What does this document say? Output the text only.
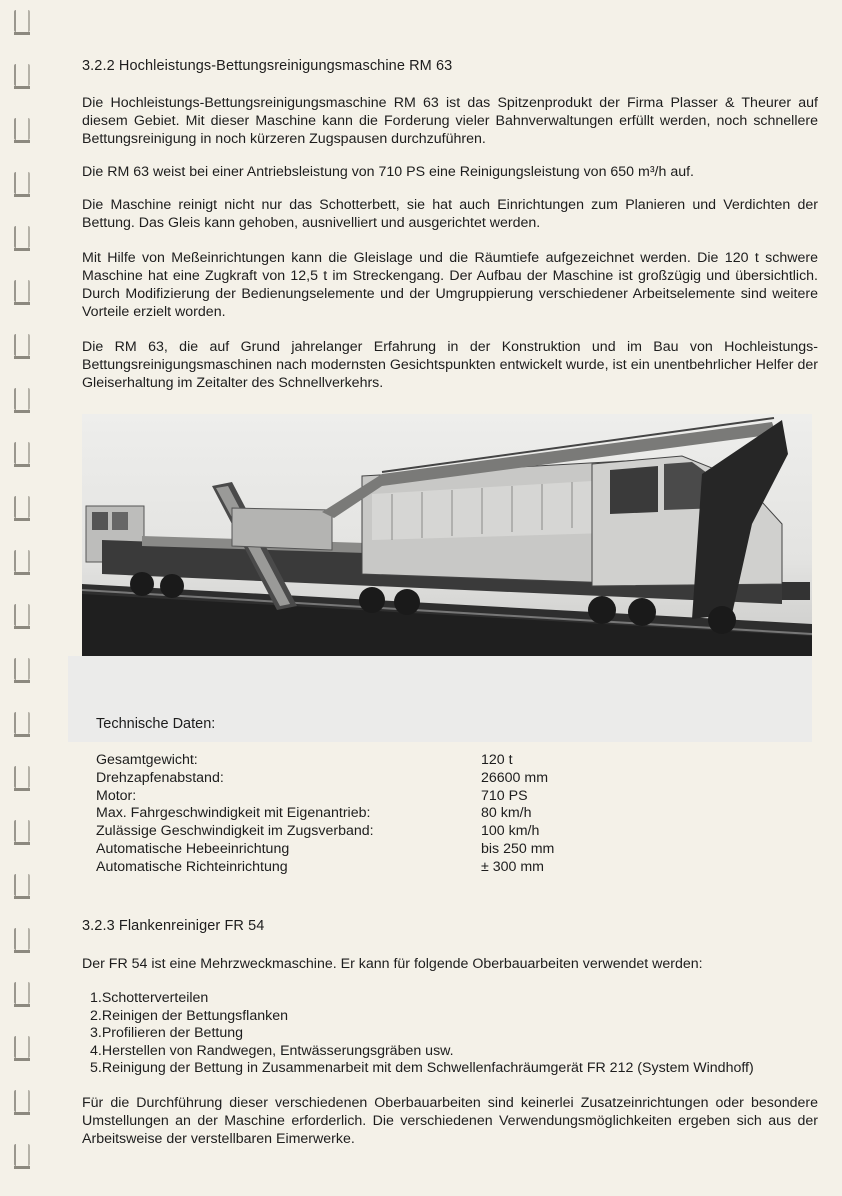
3.2.2 Hochleistungs-Bettungsreinigungsmaschine RM 63

Die Hochleistungs-Bettungsreinigungsmaschine RM 63 ist das Spitzenprodukt der Firma Plasser & Theurer auf diesem Gebiet. Mit dieser Maschine kann die Forderung vieler Bahnverwaltungen erfüllt werden, noch schnellere Bettungsreinigung in noch kürzeren Zugspausen durchzuführen.

Die RM 63 weist bei einer Antriebsleistung von 710 PS eine Reinigungsleistung von 650 m³/h auf.

Die Maschine reinigt nicht nur das Schotterbett, sie hat auch Einrichtungen zum Planieren und Verdichten der Bettung. Das Gleis kann gehoben, ausnivelliert und ausgerichtet werden.

Mit Hilfe von Meßeinrichtungen kann die Gleislage und die Räumtiefe aufgezeichnet werden. Die 120 t schwere Maschine hat eine Zugkraft von 12,5 t im Streckengang. Der Aufbau der Maschine ist großzügig und übersichtlich. Durch Modifizierung der Bedienungselemente und der Umgruppierung verschiedener Arbeitselemente sind weitere Vorteile erzielt worden.

Die RM 63, die auf Grund jahrelanger Erfahrung in der Konstruktion und im Bau von Hochleistungs-Bettungsreinigungsmaschinen nach modernsten Gesichtspunkten entwickelt wurde, ist ein unentbehrlicher Helfer der Gleiserhaltung im Zeitalter des Schnellverkehrs.

Technische Daten:
Gesamtgewicht:	120 t
Drehzapfenabstand:	26600 mm
Motor:	710 PS
Max. Fahrgeschwindigkeit mit Eigenantrieb:	80 km/h
Zulässige Geschwindigkeit im Zugsverband:	100 km/h
Automatische Hebeeinrichtung	bis 250 mm
Automatische Richteinrichtung	± 300 mm
3.2.3 Flankenreiniger FR 54

Der FR 54 ist eine Mehrzweckmaschine. Er kann für folgende Oberbauarbeiten verwendet werden:

1.Schotterverteilen
2.Reinigen der Bettungsflanken
3.Profilieren der Bettung
4.Herstellen von Randwegen, Entwässerungsgräben usw.
5.Reinigung der Bettung in Zusammenarbeit mit dem Schwellenfachräumgerät FR 212 (System Windhoff)

Für die Durchführung dieser verschiedenen Oberbauarbeiten sind keinerlei Zusatzeinrichtungen oder besondere Umstellungen an der Maschine erforderlich. Die verschiedenen Verwendungsmöglichkeiten ergeben sich aus der Arbeitsweise der verstellbaren Eimerwerke.
